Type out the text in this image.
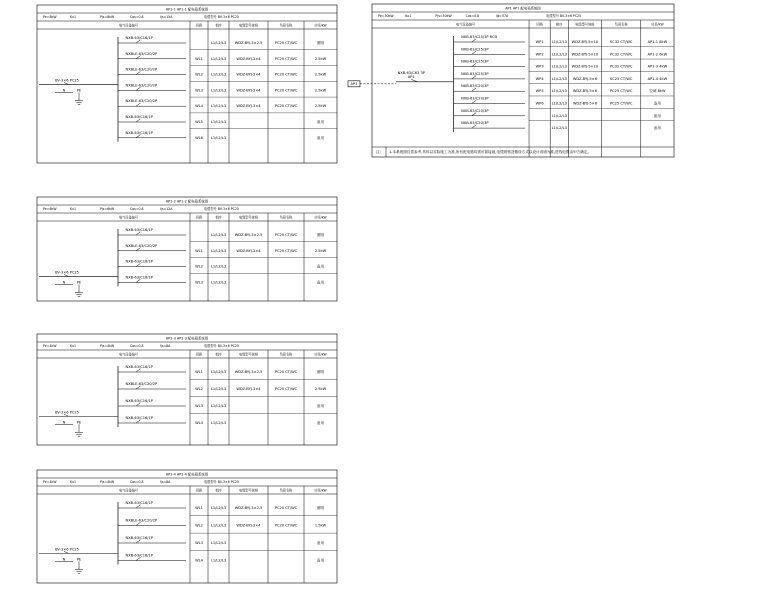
AP1-1 AP1-1 配电箱系统图
Pe=8kW	Kx1	Pjs=8kW	Cos=0.8	Ijs=15A	电缆型号 BV-3×6 PC25
电气设备编号	回路	相序	电缆型号规格	负荷名称	功率/kW
NXB-63/C16/1P
L1/L2/L3 WDZ-BYJ-3×2.5	PC20 CT/WC	照明
NXBLE-63/C20/2P
WL1 L1/L2/L3	WDZ-BYJ-3×4	PC20 CT/WC	2.5kW
NXBLE-63/C20/2P
WL2 L1/L2/L3	WDZ-BYJ-3×4	PC20 CT/WC	2.5kW
NXBLE-63/C20/2P
WL3 L1/L2/L3	WDZ-BYJ-3×4	PC20 CT/WC	2.5kW
NXBLE-63/C20/2P
WL4 L1/L2/L3	WDZ-BYJ-3×4	PC20 CT/WC	2.5kW
NXB-63/C16/1P
WL5 L1/L2/L3	备用
NXB-63/C16/1P
WL6 L1/L2/L3	备用
BV-3×6 PC25
N	PE
AP1-2 AP1-2 配电箱系统图
Pe=6kW	Kx1	Pjs=6kW	Cos=0.8	Ijs=12A	电缆型号 BV-3×6 PC25
电气设备编号	回路	相序	电缆型号规格	负荷名称	功率/kW
NXB-63/C16/1P
L1/L2/L3 WDZ-BYJ-3×2.5	PC20 CT/WC	照明
NXBLE-63/C20/2P
WL1 L1/L2/L3	WDZ-BYJ-3×4	PC20 CT/WC	2.5kW
NXB-63/C16/1P
WL2 L1/L2/L3	备用
NXB-63/C16/1P
WL3 L1/L2/L3	备用
BV-3×6 PC25
N	PE
AP1-3 AP1-3 配电箱系统图
Pe=4kW	Kx1	Pjs=4kW	Cos=0.8	Ijs=8A	电缆型号 BV-3×6 PC25
电气设备编号	回路	相序	电缆型号规格	负荷名称	功率/kW
NXB-63/C16/1P
WL1 L1/L2/L3 WDZ-BYJ-3×2.5	PC20 CT/WC	照明
NXBLE-63/C20/2P
WL2 L1/L2/L3	WDZ-BYJ-3×4	PC20 CT/WC	2.5kW
NXB-63/C16/1P
WL3 L1/L2/L3	备用
NXB-63/C16/1P
WL4 L1/L2/L3	备用
BV-3×6 PC25
N	PE
AP1-4 AP1-4 配电箱系统图
Pe=4kW	Kx1	Pjs=4kW	Cos=0.8	Ijs=8A	电缆型号 BV-3×6 PC25
电气设备编号	回路	相序	电缆型号规格	负荷名称	功率/kW
NXB-63/C16/1P
WL1 L1/L2/L3 WDZ-BYJ-3×2.5	PC20 CT/WC	照明
NXBLE-63/C20/2P
WL2 L1/L2/L3	WDZ-BYJ-3×4	PC20 CT/WC	1.5kW
NXB-63/C16/1P
WL3 L1/L2/L3	备用
NXB-63/C16/1P
WL4 L1/L2/L3	备用
BV-3×6 PC25
N	PE
AP1 AP1 配电箱系统图
Pe=30kW	Kx1	Pjs=30kW	Cos=0.8	Ijs=57A	电缆型号 BV-3×6 PC25
电气设备编号	回路	相序	电缆型号规格	负荷名称	功率/kW
NXB-63/C25/3P RCD
WP1 L1/L2/L3 WDZ-BYJ-5×10	SC32 CT/WC	AP1-1 8kW
NXB-63/C25/3P
WP2 L1/L2/L3 WDZ-BYJ-5×10	PC32 CT/WC	AP1-2 6kW
NXB-63/C25/3P
WP3 L1/L2/L3 WDZ-BYJ-5×10	PC32 CT/WC	AP1-3 4kW
NXB-63/C25/3P
WP4 L1/L2/L3 WDZ-BYJ-5×6	SC25 CT/WC	AP1-4 4kW
NXB-63/C20/3P
WP5 L1/L2/L3 WDZ-BYJ-5×6	PC25 CT/WC	空调 8kW
NXB-63/C20/3P
WP6 L1/L2/L3 WDZ-BYJ-5×6	PC25 CT/WC	备用
NXB-63/C20/3P
L1/L2/L3	备用
NXB-63/C20/3P
L1/L2/L3	备用
NXB-63/C63 3P
AP1
AP1
注: 1.本系统图仅供参考,具体以实际施工为准,所有配电箱均需可靠接地,电缆规格及敷设方式以设计说明为准,进线电缆由甲方确定。
